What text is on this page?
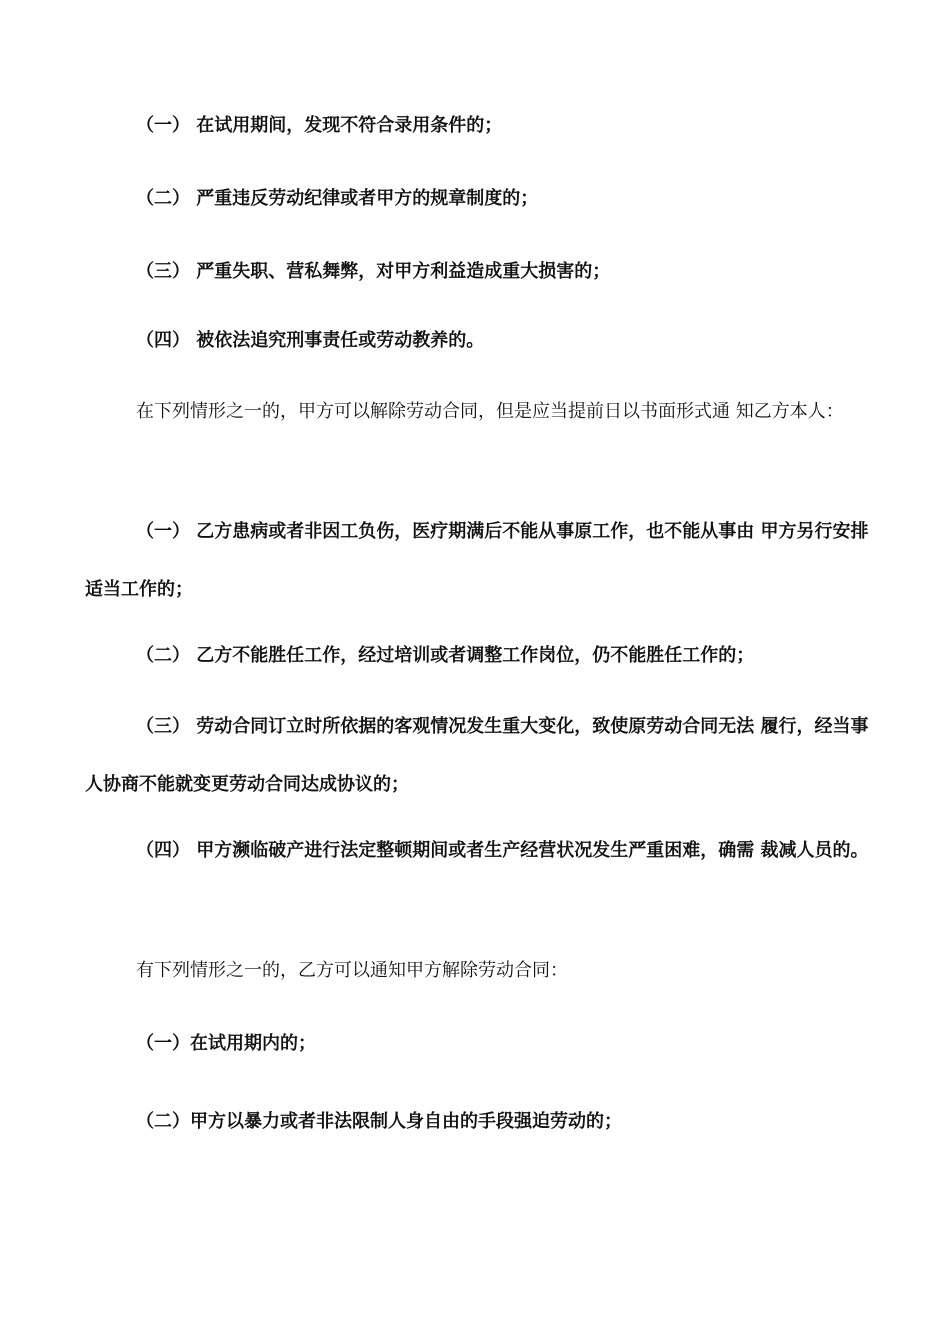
（一） 在试用期间，发现不符合录用条件的；

（二） 严重违反劳动纪律或者甲方的规章制度的；

（三） 严重失职、营私舞弊，对甲方利益造成重大损害的；

（四） 被依法追究刑事责任或劳动教养的。

在下列情形之一的，甲方可以解除劳动合同，但是应当提前日以书面形式通 知乙方本人：

（一） 乙方患病或者非因工负伤，医疗期满后不能从事原工作，也不能从事由 甲方另行安排适当工作的；

（二） 乙方不能胜任工作，经过培训或者调整工作岗位，仍不能胜任工作的；

（三） 劳动合同订立时所依据的客观情况发生重大变化，致使原劳动合同无法 履行，经当事人协商不能就变更劳动合同达成协议的；

（四） 甲方濒临破产进行法定整顿期间或者生产经营状况发生严重困难，确需 裁减人员的。

有下列情形之一的，乙方可以通知甲方解除劳动合同：

（一）在试用期内的；

（二）甲方以暴力或者非法限制人身自由的手段强迫劳动的；
